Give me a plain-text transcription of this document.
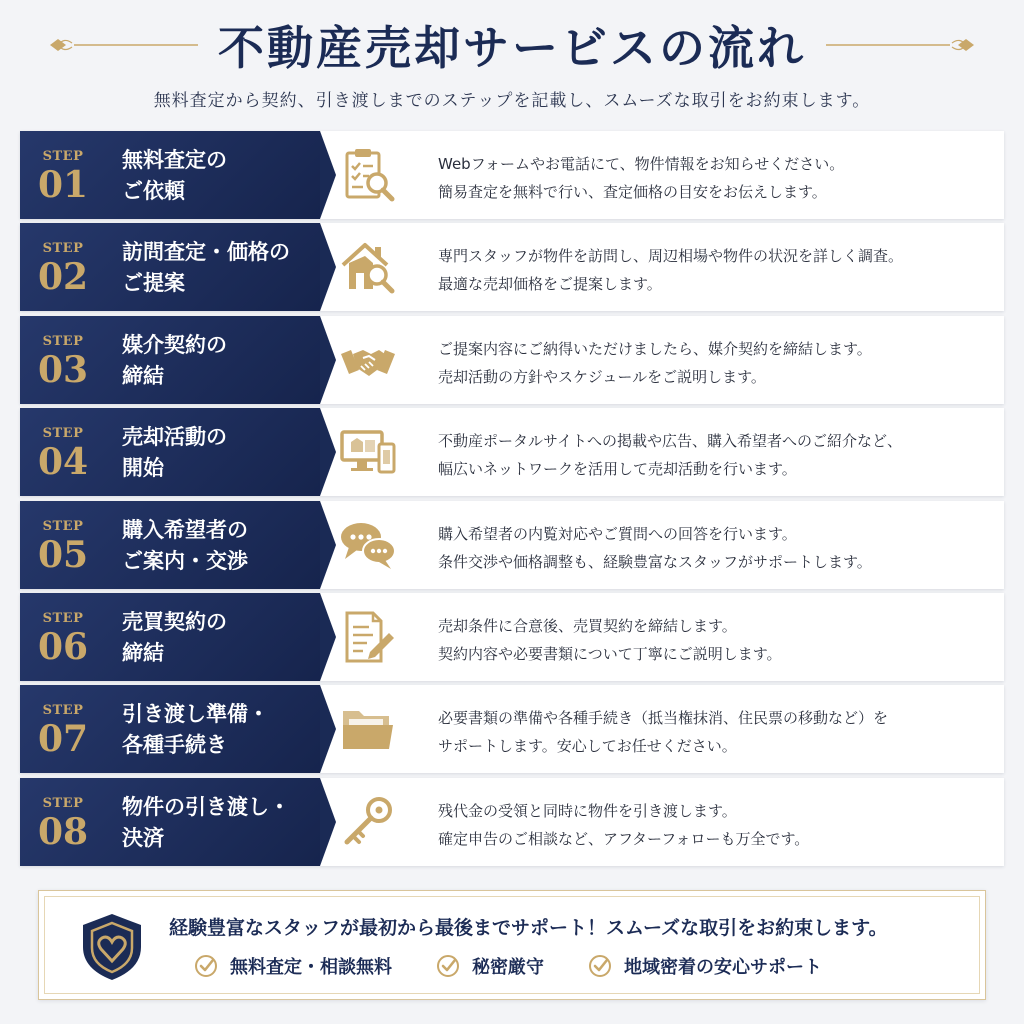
不動産売却サービスの流れ
無料査定から契約、引き渡しまでのステップを記載し、スムーズな取引をお約束します。
STEP
01
無料査定の
ご依頼
Webフォームやお電話にて、物件情報をお知らせください。
簡易査定を無料で行い、査定価格の目安をお伝えします。
STEP
02
訪問査定・価格の
ご提案
専門スタッフが物件を訪問し、周辺相場や物件の状況を詳しく調査。
最適な売却価格をご提案します。
STEP
03
媒介契約の
締結
ご提案内容にご納得いただけましたら、媒介契約を締結します。
売却活動の方針やスケジュールをご説明します。
STEP
04
売却活動の
開始
不動産ポータルサイトへの掲載や広告、購入希望者へのご紹介など、
幅広いネットワークを活用して売却活動を行います。
STEP
05
購入希望者の
ご案内・交渉
購入希望者の内覧対応やご質問への回答を行います。
条件交渉や価格調整も、経験豊富なスタッフがサポートします。
STEP
06
売買契約の
締結
売却条件に合意後、売買契約を締結します。
契約内容や必要書類について丁寧にご説明します。
STEP
07
引き渡し準備・
各種手続き
必要書類の準備や各種手続き（抵当権抹消、住民票の移動など）を
サポートします。安心してお任せください。
STEP
08
物件の引き渡し・
決済
残代金の受領と同時に物件を引き渡します。
確定申告のご相談など、アフターフォローも万全です。
経験豊富なスタッフが最初から最後までサポート！スムーズな取引をお約束します。
無料査定・相談無料	秘密厳守	地域密着の安心サポート
